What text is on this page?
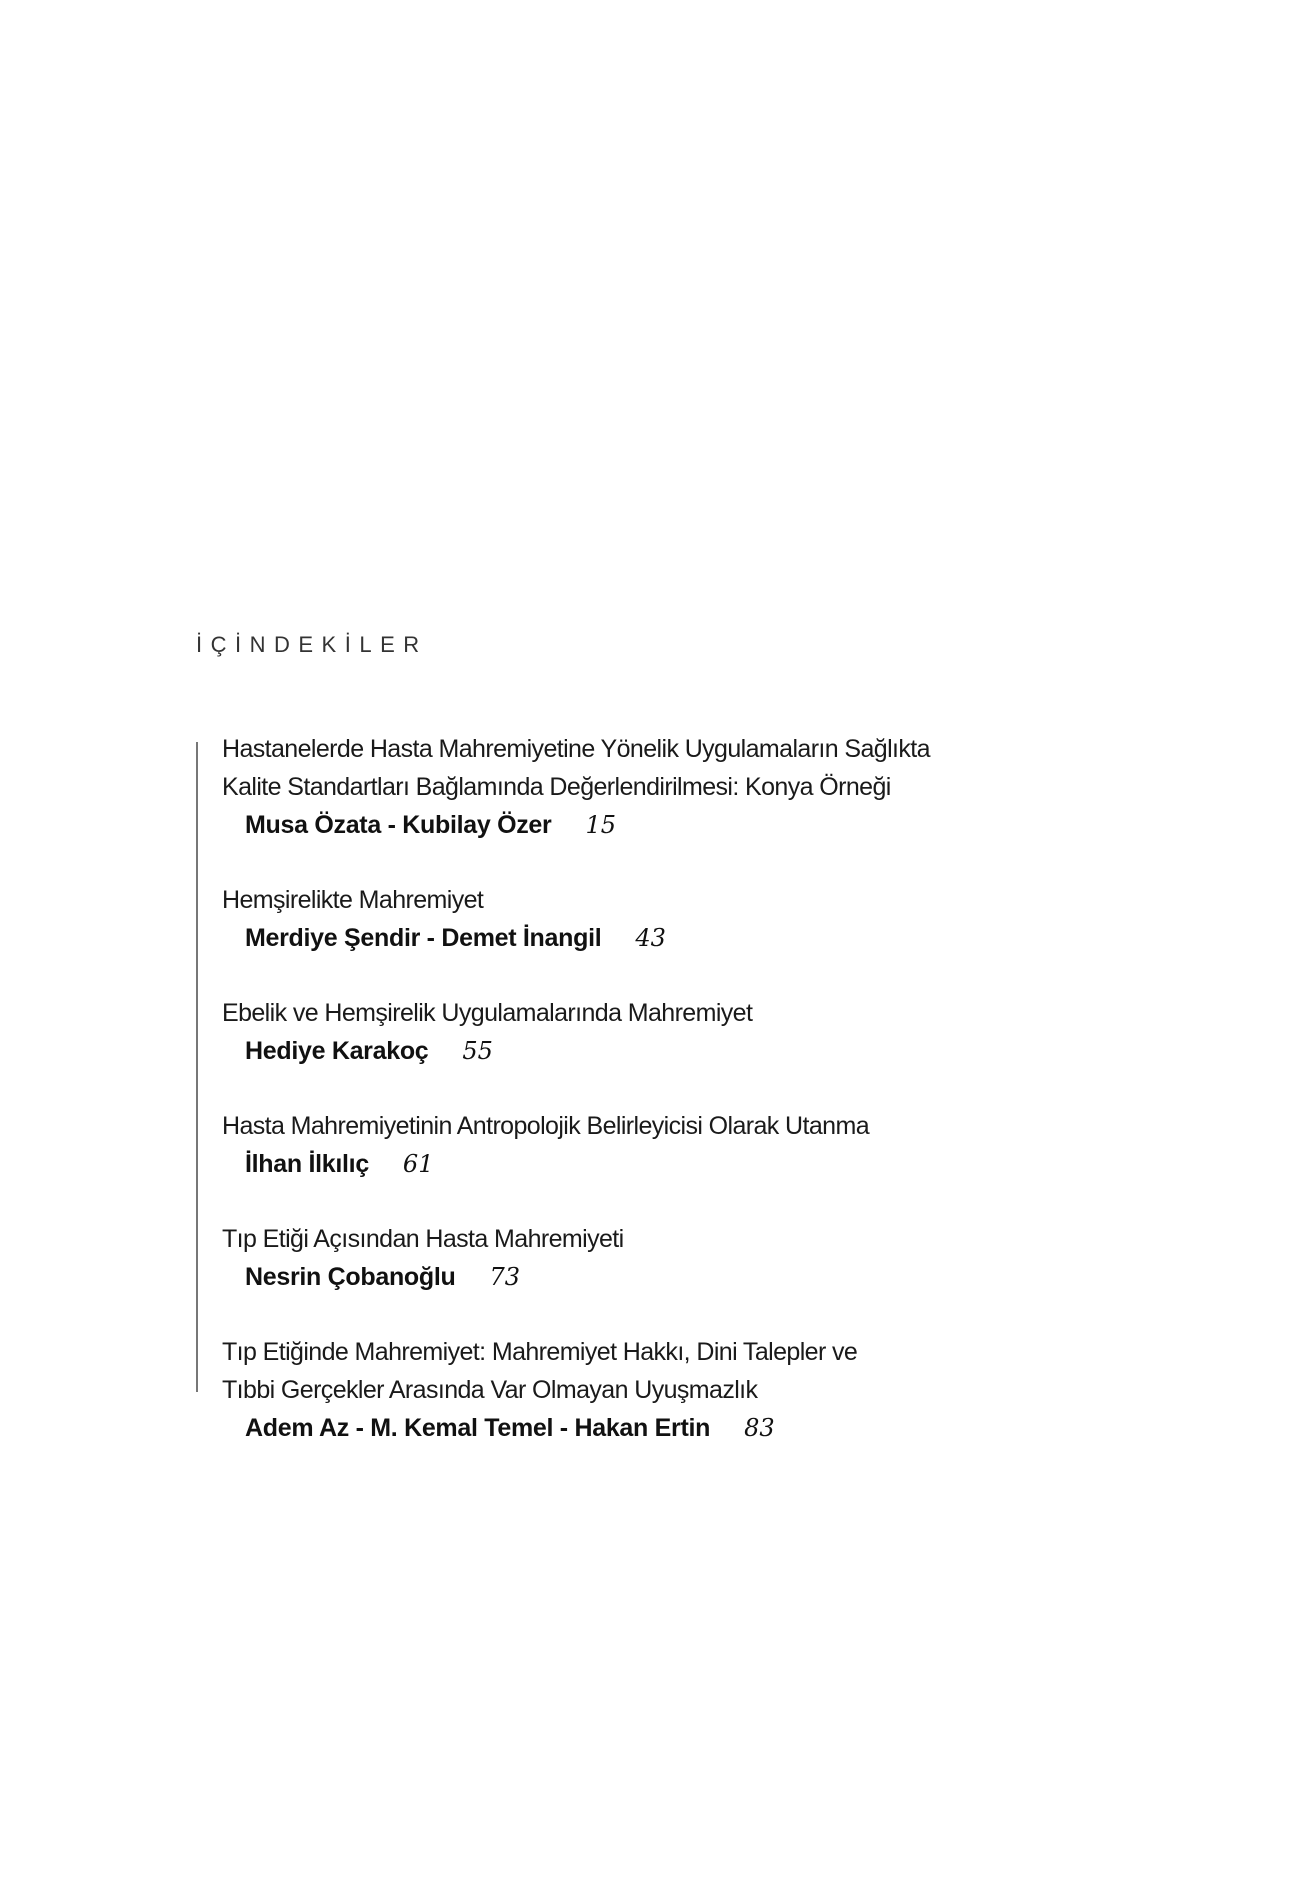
İÇİNDEKİLER
Hastanelerde Hasta Mahremiyetine Yönelik Uygulamaların Sağlıkta
Kalite Standartları Bağlamında Değerlendirilmesi: Konya Örneği
Musa Özata - Kubilay Özer 15
Hemşirelikte Mahremiyet
Merdiye Şendir - Demet İnangil 43
Ebelik ve Hemşirelik Uygulamalarında Mahremiyet
Hediye Karakoç 55
Hasta Mahremiyetinin Antropolojik Belirleyicisi Olarak Utanma
İlhan İlkılıç 61
Tıp Etiği Açısından Hasta Mahremiyeti
Nesrin Çobanoğlu 73
Tıp Etiğinde Mahremiyet: Mahremiyet Hakkı, Dini Talepler ve
Tıbbi Gerçekler Arasında Var Olmayan Uyuşmazlık
Adem Az - M. Kemal Temel - Hakan Ertin 83
